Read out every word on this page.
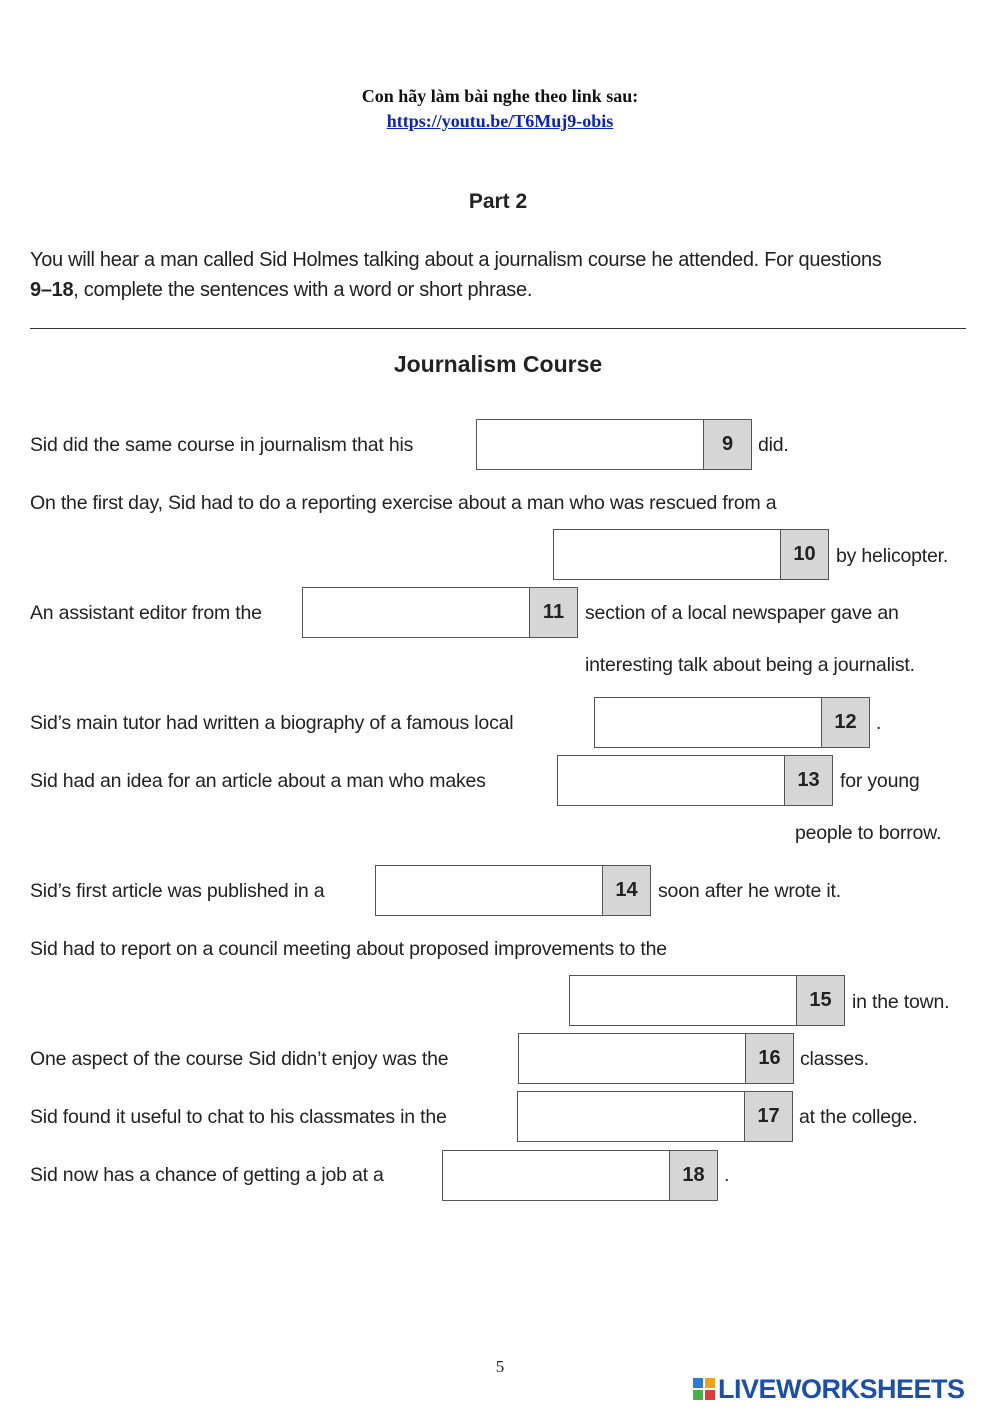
Con hãy làm bài nghe theo link sau:
https://youtu.be/T6Muj9-obis
Part 2
You will hear a man called Sid Holmes talking about a journalism course he attended. For questions
9–18, complete the sentences with a word or short phrase.
Journalism Course
Sid did the same course in journalism that his	9	did.
On the first day, Sid had to do a reporting exercise about a man who was rescued from a
10	by helicopter.
An assistant editor from the	11	section of a local newspaper gave an
interesting talk about being a journalist.
Sid’s main tutor had written a biography of a famous local	12 .
Sid had an idea for an article about a man who makes	13	for young
people to borrow.
Sid’s first article was published in a	14	soon after he wrote it.
Sid had to report on a council meeting about proposed improvements to the
15	in the town.
One aspect of the course Sid didn’t enjoy was the	16 classes.
Sid found it useful to chat to his classmates in the	17 at the college.
Sid now has a chance of getting a job at a	18 .
5
LIVEWORKSHEETS
